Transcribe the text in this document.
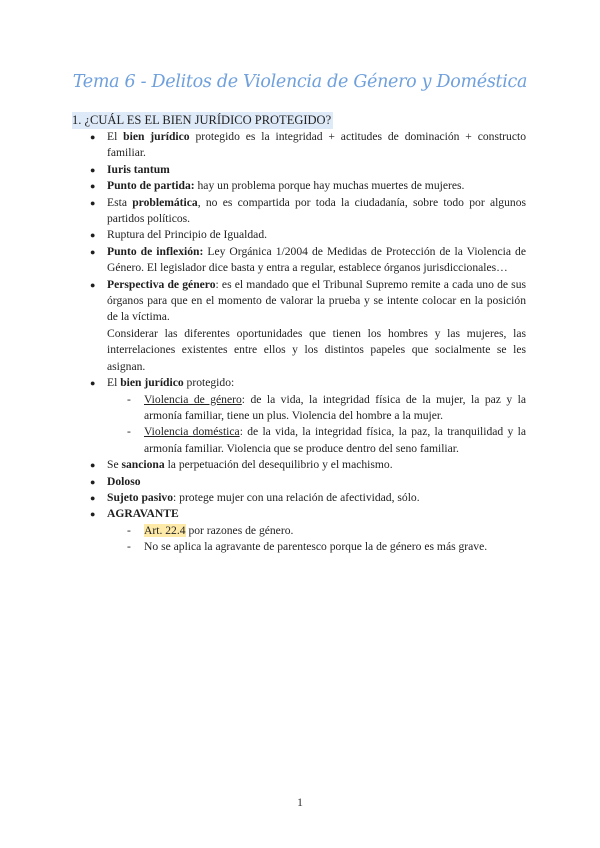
Tema 6 - Delitos de Violencia de Género y Doméstica
1. ¿CUÁL ES EL BIEN JURÍDICO PROTEGIDO?
● El bien jurídico protegido es la integridad + actitudes de dominación + constructo familiar.
● Iuris tantum
● Punto de partida: hay un problema porque hay muchas muertes de mujeres.
● Esta problemática, no es compartida por toda la ciudadanía, sobre todo por algunos partidos políticos.
● Ruptura del Principio de Igualdad.
● Punto de inflexión: Ley Orgánica 1/2004 de Medidas de Protección de la Violencia de Género. El legislador dice basta y entra a regular, establece órganos jurisdiccionales…
● Perspectiva de género: es el mandado que el Tribunal Supremo remite a cada uno de sus órganos para que en el momento de valorar la prueba y se intente colocar en la posición de la víctima.
Considerar las diferentes oportunidades que tienen los hombres y las mujeres, las interrelaciones existentes entre ellos y los distintos papeles que socialmente se les asignan.
● El bien jurídico protegido:
- Violencia de género: de la vida, la integridad física de la mujer, la paz y la armonía familiar, tiene un plus. Violencia del hombre a la mujer.
- Violencia doméstica: de la vida, la integridad física, la paz, la tranquilidad y la armonía familiar. Violencia que se produce dentro del seno familiar.
● Se sanciona la perpetuación del desequilibrio y el machismo.
● Doloso
● Sujeto pasivo: protege mujer con una relación de afectividad, sólo.
● AGRAVANTE
- Art. 22.4 por razones de género.
- No se aplica la agravante de parentesco porque la de género es más grave.
1
